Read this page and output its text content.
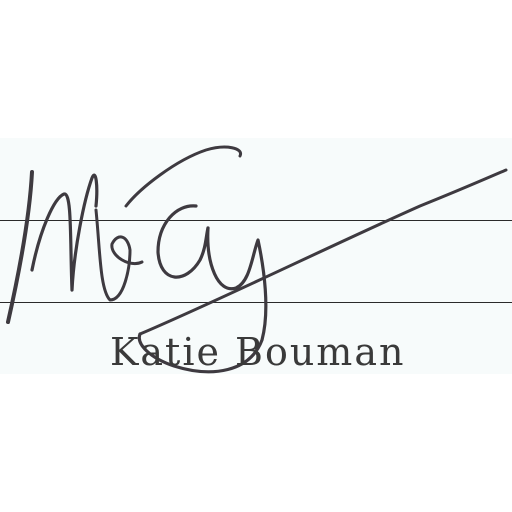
Katie Bouman
